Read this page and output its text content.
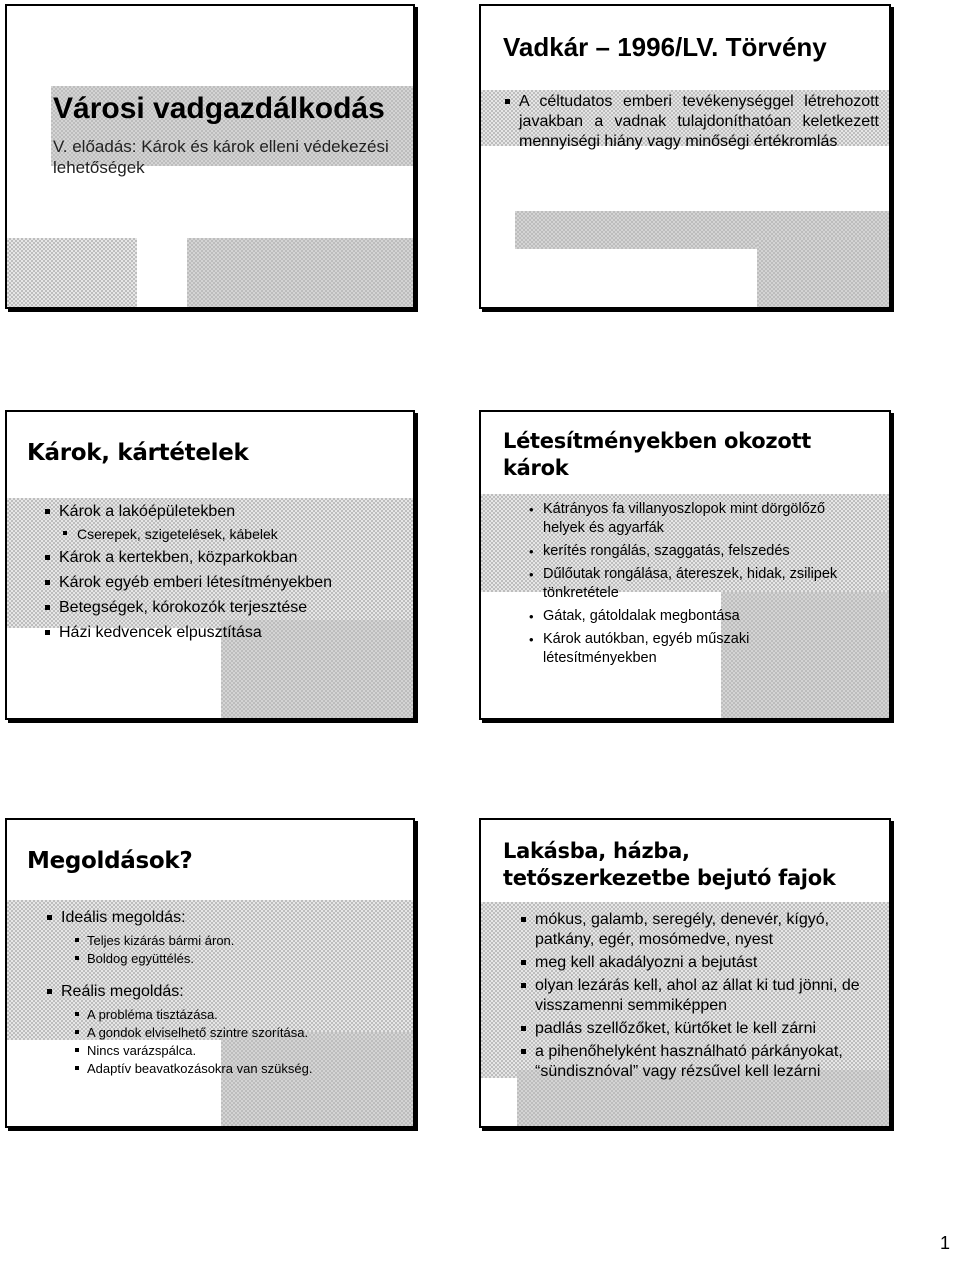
Városi vadgazdálkodás
V. előadás: Károk és károk elleni védekezési lehetőségek
Vadkár – 1996/LV. Törvény
A céltudatos emberi tevékenységgel létrehozott javakban a vadnak tulajdoníthatóan keletkezett mennyiségi hiány vagy minőségi értékromlás
Károk, kártételek
Károk a lakóépületekben
Cserepek, szigetelések, kábelek
Károk a kertekben, közparkokban
Károk egyéb emberi létesítményekben
Betegségek, kórokozók terjesztése
Házi kedvencek elpusztítása
Létesítményekben okozott károk
• Kátrányos fa villanyoszlopok mint dörgölőző helyek és agyarfák
• kerítés rongálás, szaggatás, felszedés
• Dűlőutak rongálása, átereszek, hidak, zsilipek tönkretétele
• Gátak, gátoldalak megbontása
• Károk autókban, egyéb műszaki létesítményekben
Megoldások?
Ideális megoldás:
Teljes kizárás bármi áron.
Boldog együttélés.
Reális megoldás:
A probléma tisztázása.
A gondok elviselhető szintre szorítása.
Nincs varázspálca.
Adaptív beavatkozásokra van szükség.
Lakásba, házba, tetőszerkezetbe bejutó fajok
mókus, galamb, seregély, denevér, kígyó, patkány, egér, mosómedve, nyest
meg kell akadályozni a bejutást
olyan lezárás kell, ahol az állat ki tud jönni, de visszamenni semmiképpen
padlás szellőzőket, kürtőket le kell zárni
a pihenőhelyként használható párkányokat, “sündisznóval” vagy rézsűvel kell lezárni
1
